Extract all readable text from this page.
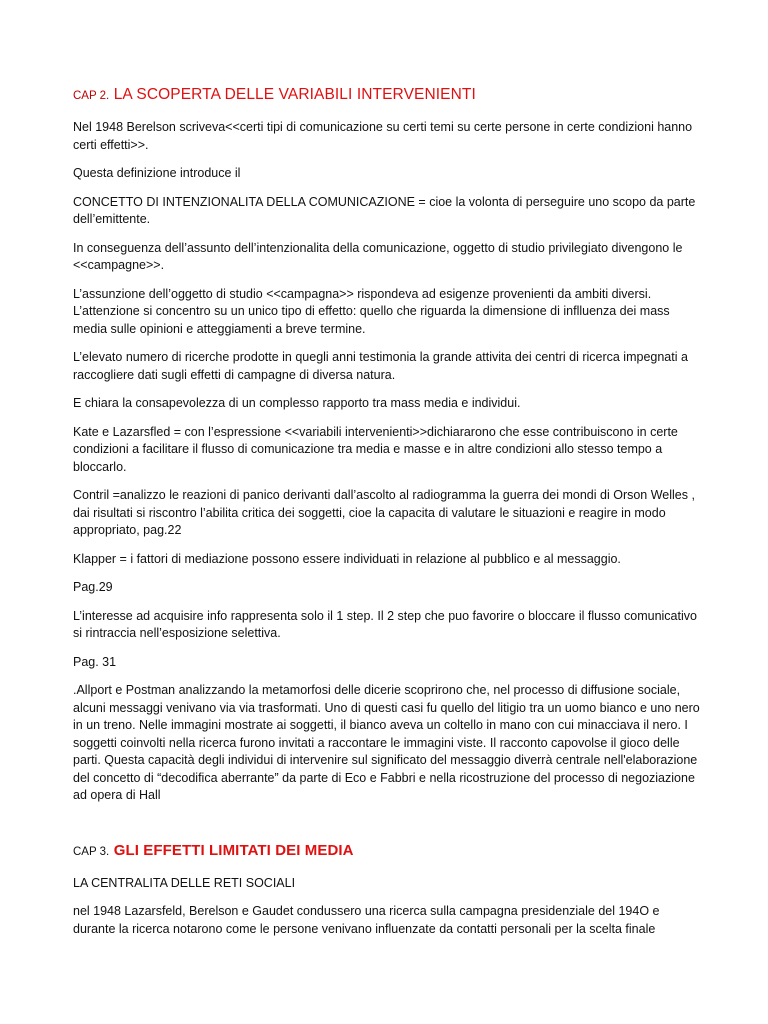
CAP 2. LA SCOPERTA DELLE VARIABILI INTERVENIENTI

Nel 1948 Berelson scriveva<<certi tipi di comunicazione su certi temi su certe persone in certe condizioni hanno certi effetti>>.

Questa definizione introduce il

CONCETTO DI INTENZIONALITA DELLA COMUNICAZIONE = cioe la volonta di perseguire uno scopo da parte dell’emittente.

In conseguenza dell’assunto dell’intenzionalita della comunicazione, oggetto di studio privilegiato divengono le <<campagne>>.

L’assunzione dell’oggetto di studio <<campagna>> rispondeva ad esigenze provenienti da ambiti diversi. L’attenzione si concentro su un unico tipo di effetto: quello che riguarda la dimensione di inflluenza dei mass media sulle opinioni e atteggiamenti a breve termine.

L’elevato numero di ricerche prodotte in quegli anni testimonia la grande attivita dei centri di ricerca impegnati a raccogliere dati sugli effetti di campagne di diversa natura.

E chiara la consapevolezza di un complesso rapporto tra mass media e individui.

Kate e Lazarsfled = con l’espressione <<variabili intervenienti>>dichiararono che esse contribuiscono in certe condizioni a facilitare il flusso di comunicazione tra media e masse e in altre condizioni allo stesso tempo a bloccarlo.

Contril =analizzo le reazioni di panico derivanti dall’ascolto al radiogramma la guerra dei mondi di Orson Welles , dai risultati si riscontro l’abilita critica dei soggetti, cioe la capacita di valutare le situazioni e reagire in modo appropriato, pag.22

Klapper = i fattori di mediazione possono essere individuati in relazione al pubblico e al messaggio.

Pag.29

L’interesse ad acquisire info rappresenta solo il 1 step. Il 2 step che puo favorire o bloccare il flusso comunicativo si rintraccia nell’esposizione selettiva.

Pag. 31

.Allport e Postman analizzando la metamorfosi delle dicerie scoprirono che, nel processo di diffusione sociale, alcuni messaggi venivano via via trasformati. Uno di questi casi fu quello del litigio tra un uomo bianco e uno nero in un treno. Nelle immagini mostrate ai soggetti, il bianco aveva un coltello in mano con cui minacciava il nero. I soggetti coinvolti nella ricerca furono invitati a raccontare le immagini viste. Il racconto capovolse il gioco delle parti. Questa capacità degli individui di intervenire sul significato del messaggio diverrà centrale nell'elaborazione del concetto di “decodifica aberrante” da parte di Eco e Fabbri e nella ricostruzione del processo di negoziazione ad opera di Hall

CAP 3. GLI EFFETTI LIMITATI DEI MEDIA

LA CENTRALITA DELLE RETI SOCIALI

nel 1948 Lazarsfeld, Berelson e Gaudet condussero una ricerca sulla campagna presidenziale del 194O e durante la ricerca notarono come le persone venivano influenzate da contatti personali per la scelta finale
